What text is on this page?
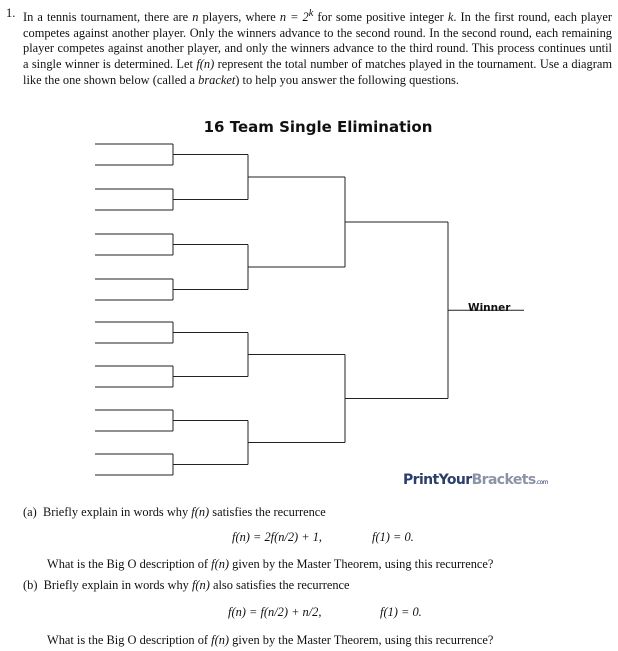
1. In a tennis tournament, there are n players, where $n = 2^k$ for some positive integer k. In the first round, each player competes against another player. Only the winners advance to the second round. In the second round, each remaining player competes against another player, and only the winners advance to the third round. This process continues until a single winner is determined. Let f(n) represent the total number of matches played in the tournament. Use a diagram like the one shown below (called a bracket) to help you answer the following questions.
16 Team Single Elimination
Winner
PrintYourBrackets.com
(a) Briefly explain in words why f(n) satisfies the recurrence
f(n) = 2f(n/2) + 1,	f(1) = 0.
What is the Big O description of f(n) given by the Master Theorem, using this recurrence?
(b) Briefly explain in words why f(n) also satisfies the recurrence
f(n) = f(n/2) + n/2,	f(1) = 0.
What is the Big O description of f(n) given by the Master Theorem, using this recurrence?
